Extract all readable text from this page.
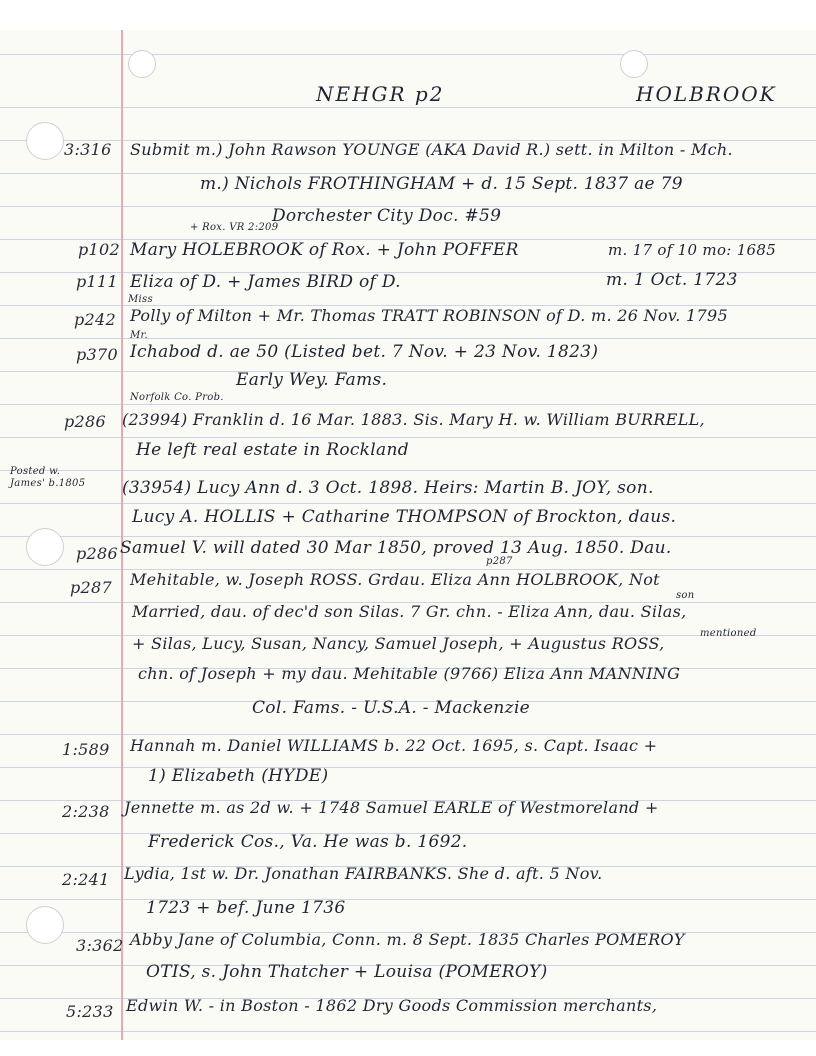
NEHGR p2	HOLBROOK
3:316 Submit m.) John Rawson YOUNGE (AKA David R.) sett. in Milton - Mch.
m.) Nichols FROTHINGHAM + d. 15 Sept. 1837 ae 79
Dorchester City Doc. #59
+ Rox. VR 2:209
p102 Mary HOLEBROOK of Rox. + John POFFER	m. 17 of 10 mo: 1685
p111 Eliza of D. + James BIRD of D.	m. 1 Oct. 1723
Miss
p242 Polly of Milton + Mr. Thomas TRATT ROBINSON of D. m. 26 Nov. 1795
Mr.
p370 Ichabod d. ae 50 (Listed bet. 7 Nov. + 23 Nov. 1823)
Early Wey. Fams.
Norfolk Co. Prob.
p286 (23994) Franklin d. 16 Mar. 1883. Sis. Mary H. w. William BURRELL,
He left real estate in Rockland
Posted w. James' b.1805 (33954) Lucy Ann d. 3 Oct. 1898. Heirs: Martin B. JOY, son.
Lucy A. HOLLIS + Catharine THOMPSON of Brockton, daus.
p286 Samuel V. will dated 30 Mar 1850, proved 13 Aug. 1850. Dau.
p287
p287 Mehitable, w. Joseph ROSS. Grdau. Eliza Ann HOLBROOK, Not
son
Married, dau. of dec'd son Silas. 7 Gr. chn. - Eliza Ann, dau. Silas,
mentioned
+ Silas, Lucy, Susan, Nancy, Samuel Joseph, + Augustus ROSS,
chn. of Joseph + my dau. Mehitable (9766) Eliza Ann MANNING
Col. Fams. - U.S.A. - Mackenzie
1:589 Hannah m. Daniel WILLIAMS b. 22 Oct. 1695, s. Capt. Isaac +
1) Elizabeth (HYDE)
2:238 Jennette m. as 2d w. + 1748 Samuel EARLE of Westmoreland +
Frederick Cos., Va. He was b. 1692.
2:241 Lydia, 1st w. Dr. Jonathan FAIRBANKS. She d. aft. 5 Nov.
1723 + bef. June 1736
3:362 Abby Jane of Columbia, Conn. m. 8 Sept. 1835 Charles POMEROY
OTIS, s. John Thatcher + Louisa (POMEROY)
5:233 Edwin W. - in Boston - 1862 Dry Goods Commission merchants,
